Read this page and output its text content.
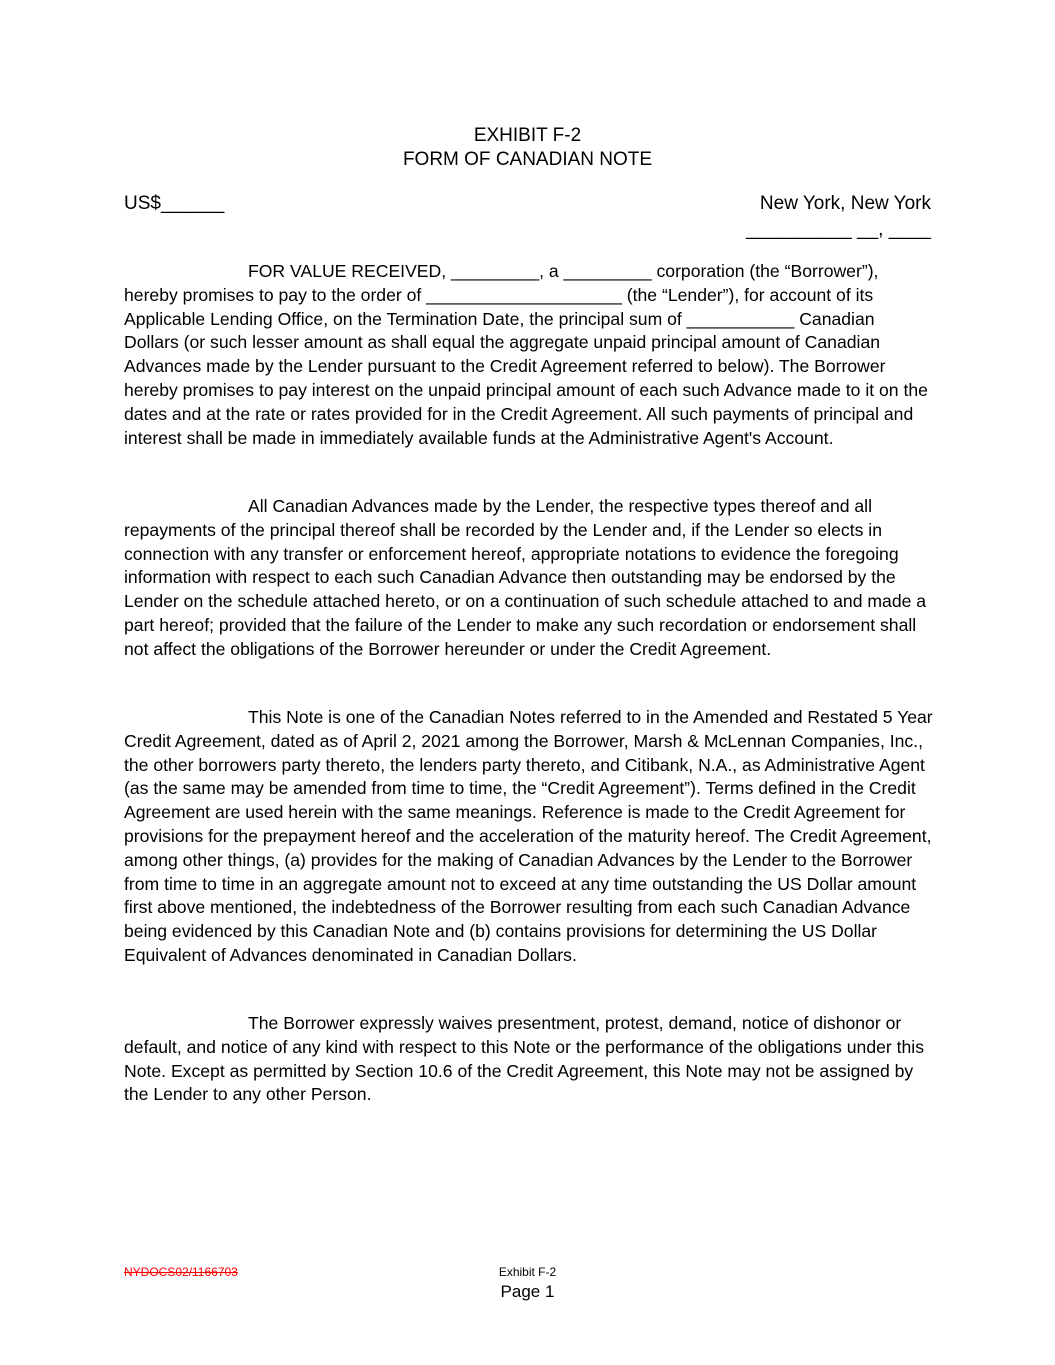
EXHIBIT F-2
FORM OF CANADIAN NOTE
US$______	New York, New York
__________ __, ____

FOR VALUE RECEIVED, _________, a _________ corporation (the “Borrower”), hereby promises to pay to the order of ____________________ (the “Lender”), for account of its Applicable Lending Office, on the Termination Date, the principal sum of ___________ Canadian Dollars (or such lesser amount as shall equal the aggregate unpaid principal amount of Canadian Advances made by the Lender pursuant to the Credit Agreement referred to below). The Borrower hereby promises to pay interest on the unpaid principal amount of each such Advance made to it on the dates and at the rate or rates provided for in the Credit Agreement. All such payments of principal and interest shall be made in immediately available funds at the Administrative Agent's Account.

All Canadian Advances made by the Lender, the respective types thereof and all repayments of the principal thereof shall be recorded by the Lender and, if the Lender so elects in connection with any transfer or enforcement hereof, appropriate notations to evidence the foregoing information with respect to each such Canadian Advance then outstanding may be endorsed by the Lender on the schedule attached hereto, or on a continuation of such schedule attached to and made a part hereof; provided that the failure of the Lender to make any such recordation or endorsement shall not affect the obligations of the Borrower hereunder or under the Credit Agreement.

This Note is one of the Canadian Notes referred to in the Amended and Restated 5 Year Credit Agreement, dated as of April 2, 2021 among the Borrower, Marsh & McLennan Companies, Inc., the other borrowers party thereto, the lenders party thereto, and Citibank, N.A., as Administrative Agent (as the same may be amended from time to time, the “Credit Agreement”). Terms defined in the Credit Agreement are used herein with the same meanings. Reference is made to the Credit Agreement for provisions for the prepayment hereof and the acceleration of the maturity hereof. The Credit Agreement, among other things, (a) provides for the making of Canadian Advances by the Lender to the Borrower from time to time in an aggregate amount not to exceed at any time outstanding the US Dollar amount first above mentioned, the indebtedness of the Borrower resulting from each such Canadian Advance being evidenced by this Canadian Note and (b) contains provisions for determining the US Dollar Equivalent of Advances denominated in Canadian Dollars.

The Borrower expressly waives presentment, protest, demand, notice of dishonor or default, and notice of any kind with respect to this Note or the performance of the obligations under this Note. Except as permitted by Section 10.6 of the Credit Agreement, this Note may not be assigned by the Lender to any other Person.

NYDOCS02/1166703	Exhibit F-2
Page 1
